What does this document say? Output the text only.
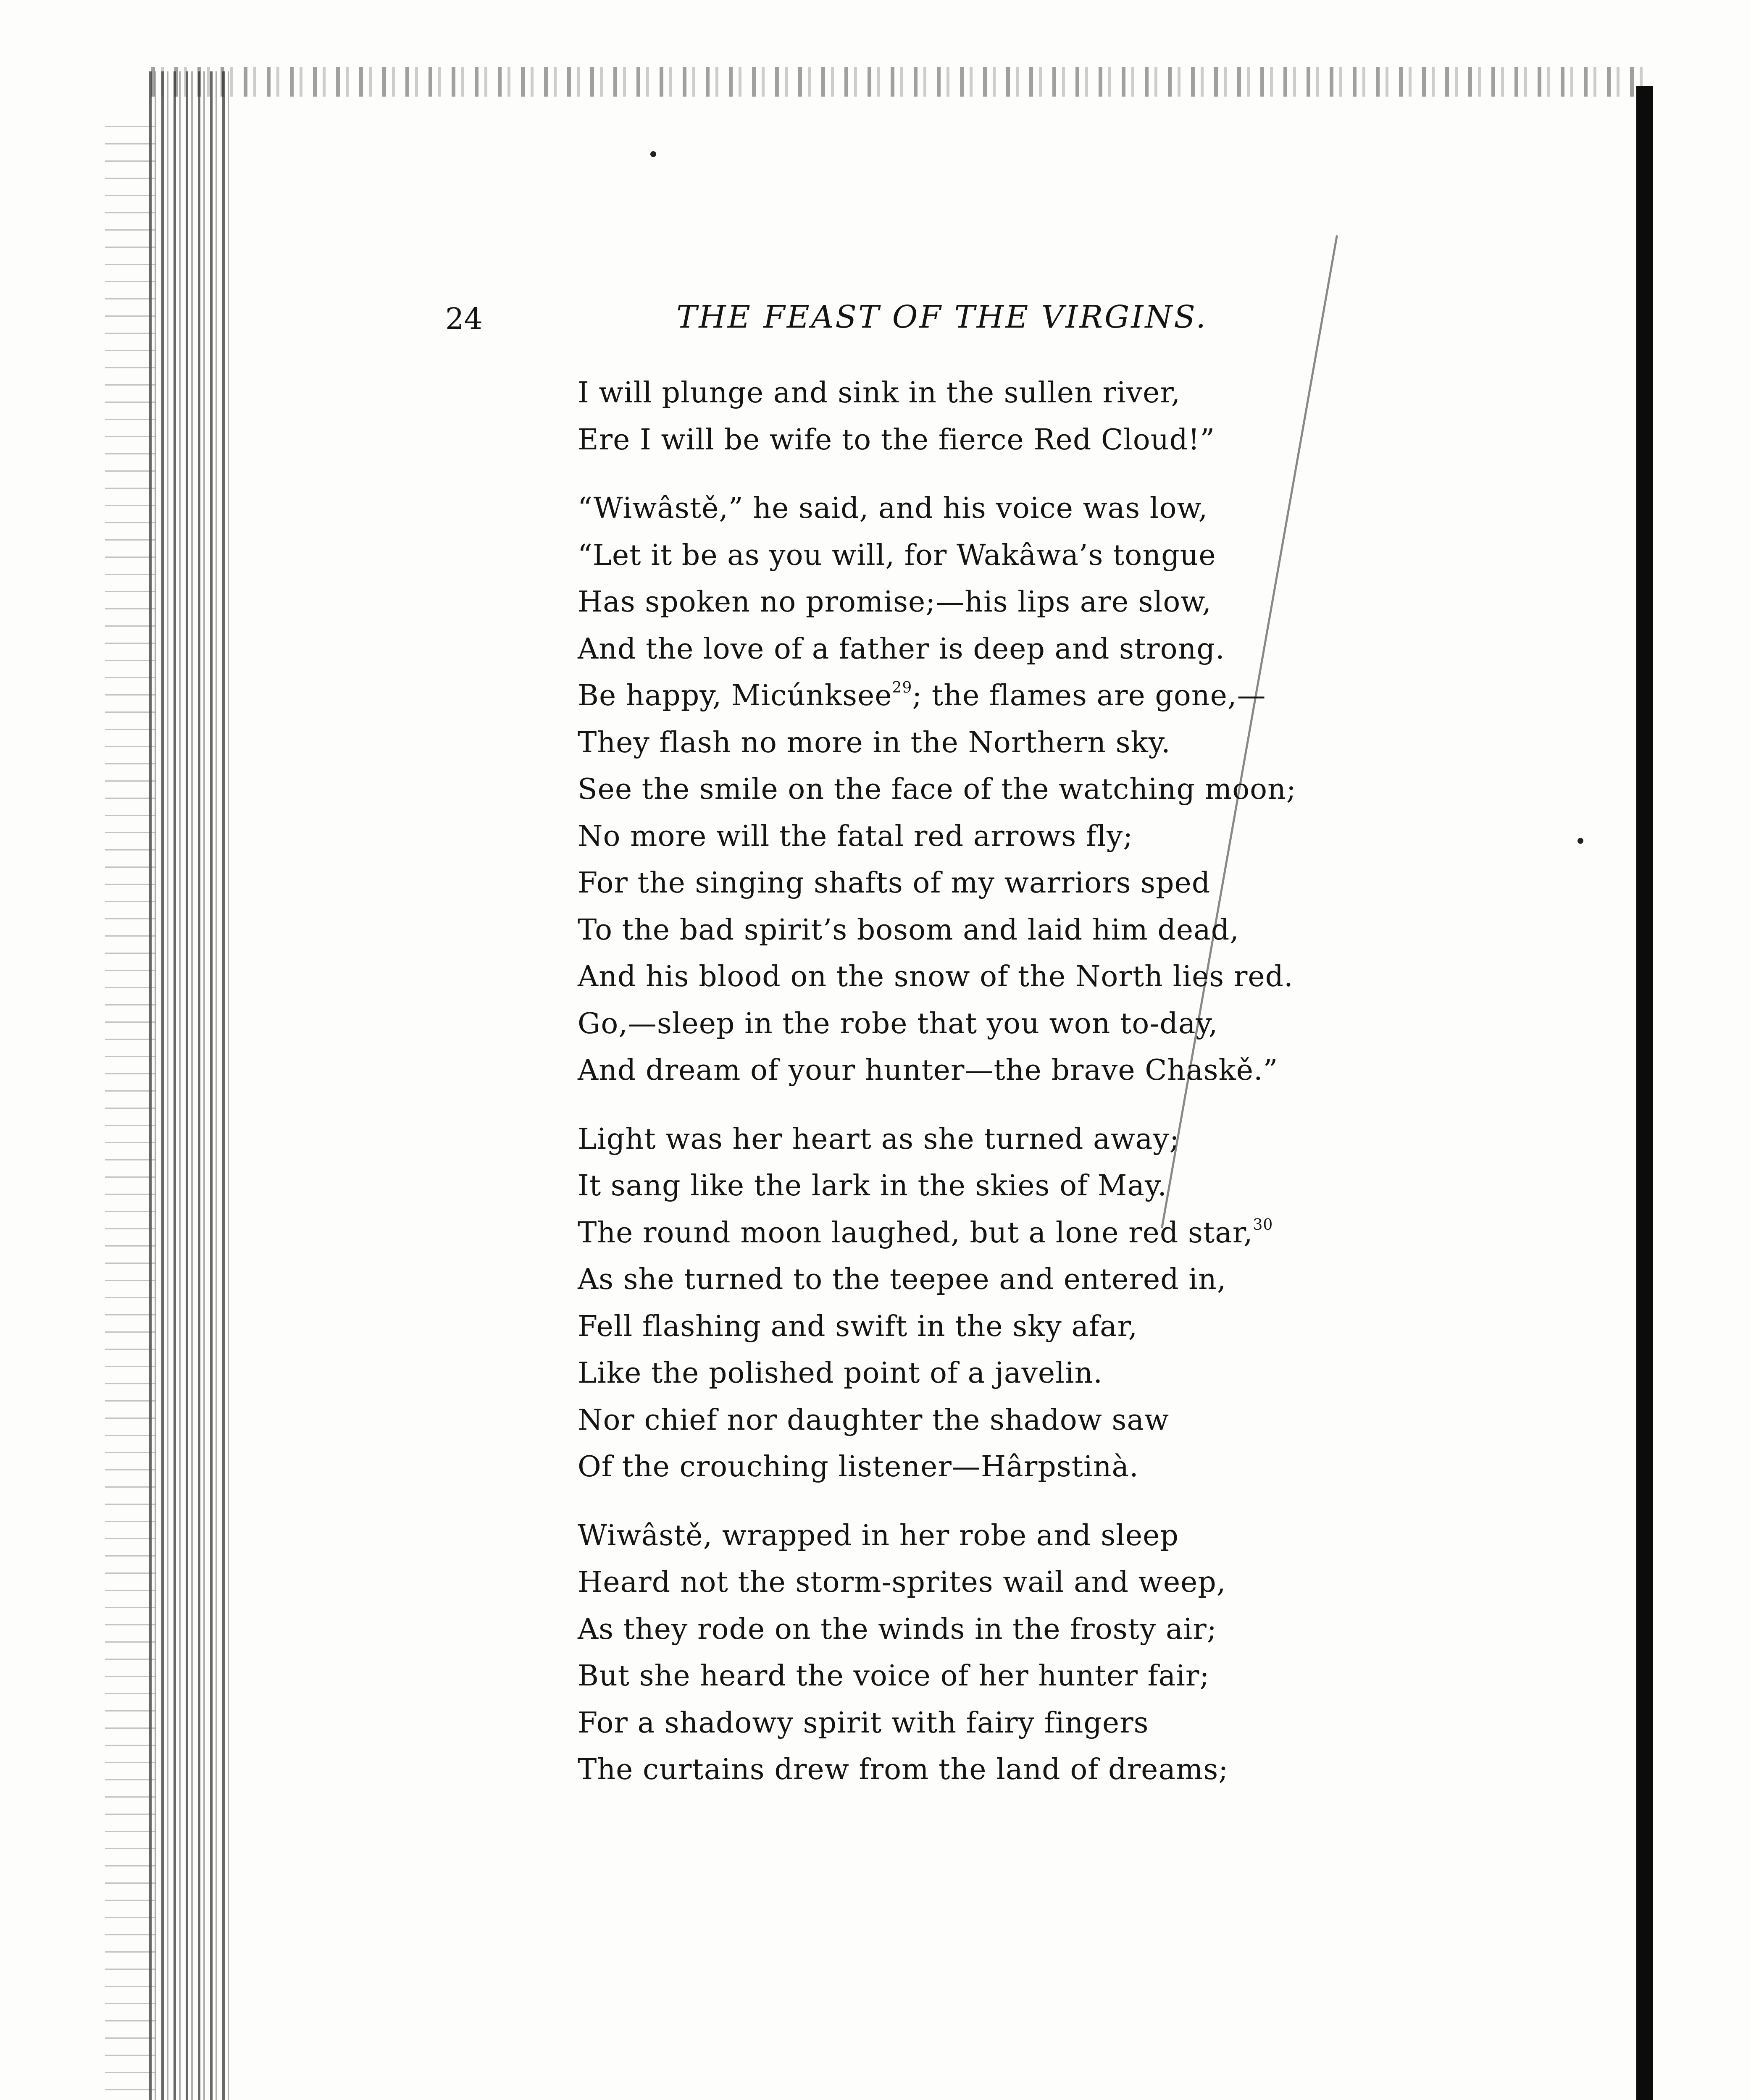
24	THE FEAST OF THE VIRGINS.
I will plunge and sink in the sullen river,
Ere I will be wife to the fierce Red Cloud!”
“Wiwâstě,” he said, and his voice was low,
“Let it be as you will, for Wakâwa’s tongue
Has spoken no promise;—his lips are slow,
And the love of a father is deep and strong.
Be happy, Micúnksee$^{29}$; the flames are gone,—
They flash no more in the Northern sky.
See the smile on the face of the watching moon;
No more will the fatal red arrows fly;
For the singing shafts of my warriors sped
To the bad spirit’s bosom and laid him dead,
And his blood on the snow of the North lies red.
Go,—sleep in the robe that you won to-day,
And dream of your hunter—the brave Chaskě.”
Light was her heart as she turned away;
It sang like the lark in the skies of May.
The round moon laughed, but a lone red star,$^{30}$
As she turned to the teepee and entered in,
Fell flashing and swift in the sky afar,
Like the polished point of a javelin.
Nor chief nor daughter the shadow saw
Of the crouching listener—Hârpstinà.
Wiwâstě, wrapped in her robe and sleep
Heard not the storm-sprites wail and weep,
As they rode on the winds in the frosty air;
But she heard the voice of her hunter fair;
For a shadowy spirit with fairy fingers
The curtains drew from the land of dreams;
